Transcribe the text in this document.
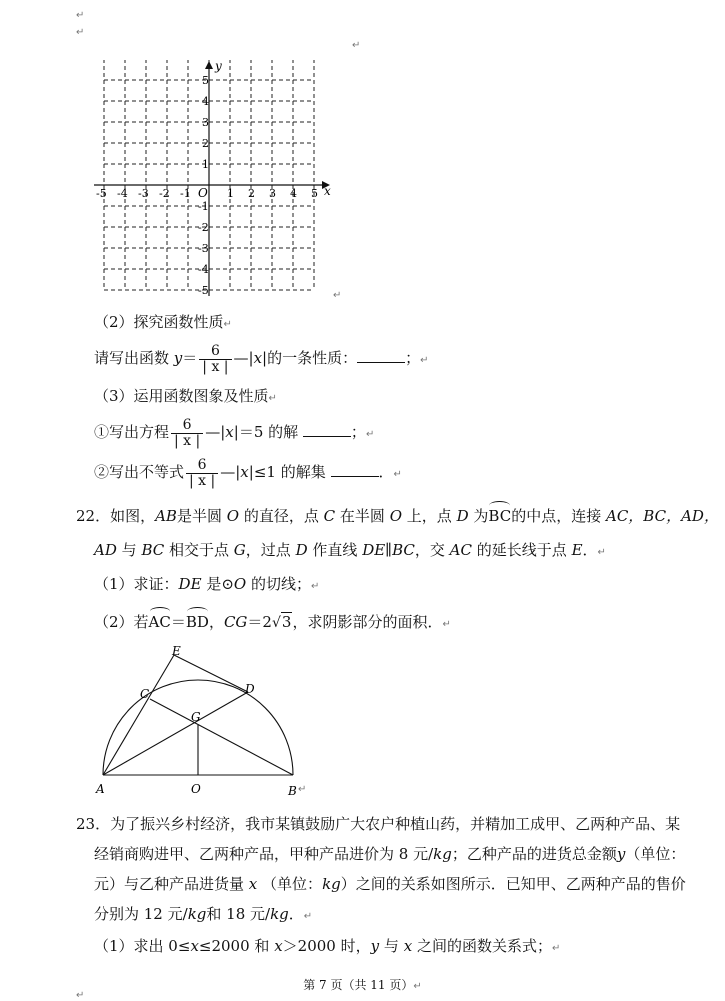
↵
↵
↵
x
y
O
-5 -4 -3 -2 -1	1 2 3 4 5
5
4
3
2
1
-1
-2
-3
-4
-5	↵
（2）探究函数性质↵
请写出函数 $y= \frac{6}{| x |}$ —|x|的一条性质：	；↵
（3）运用函数图象及性质↵
①写出方程 $\frac{6}{| x |}$ —|x|＝5 的解	；↵
②写出不等式 $\frac{6}{| x |}$ —|x|≤1 的解集	．↵
22．如图，AB是半圆 O 的直径，点 C 在半圆 O 上，点 D 为BC的中点，连接 AC，BC，AD，
AD 与 BC 相交于点 G，过点 D 作直线 DE∥BC，交 AC 的延长线于点 E．↵
（1）求证：DE 是⊙O 的切线；↵
（2）若AC＝BD，CG＝2√3，求阴影部分的面积．↵
E
C	D
G
A	O	B ↵
23．为了振兴乡村经济，我市某镇鼓励广大农户种植山药，并精加工成甲、乙两种产品、某
经销商购进甲、乙两种产品，甲种产品进价为 8 元/kg；乙种产品的进货总金额y（单位：
元）与乙种产品进货量 x （单位：kg）之间的关系如图所示．已知甲、乙两种产品的售价
分别为 12 元/kg和 18 元/kg．↵
（1）求出 0≤x≤2000 和 x＞2000 时，y 与 x 之间的函数关系式；↵
第 7 页（共 11 页）↵
↵
